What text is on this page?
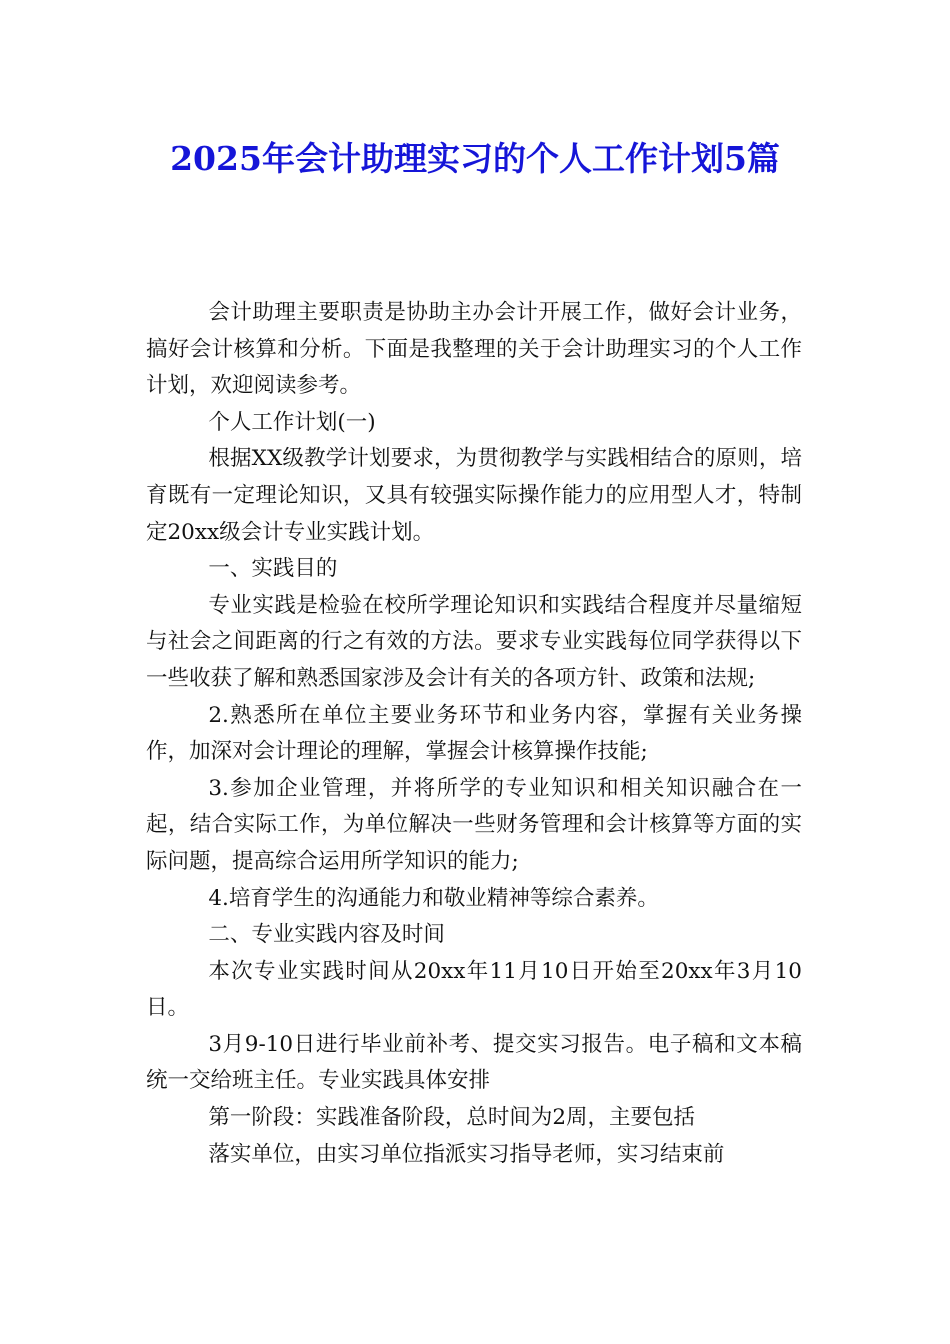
2025年会计助理实习的个人工作计划5篇

会计助理主要职责是协助主办会计开展工作，做好会计业务，搞好会计核算和分析。下面是我整理的关于会计助理实习的个人工作计划，欢迎阅读参考。

个人工作计划(一)

根据XX级教学计划要求，为贯彻教学与实践相结合的原则，培育既有一定理论知识，又具有较强实际操作能力的应用型人才，特制定20xx级会计专业实践计划。

一、实践目的

专业实践是检验在校所学理论知识和实践结合程度并尽量缩短与社会之间距离的行之有效的方法。要求专业实践每位同学获得以下一些收获了解和熟悉国家涉及会计有关的各项方针、政策和法规;

2.熟悉所在单位主要业务环节和业务内容，掌握有关业务操作，加深对会计理论的理解，掌握会计核算操作技能;

3.参加企业管理，并将所学的专业知识和相关知识融合在一起，结合实际工作，为单位解决一些财务管理和会计核算等方面的实际问题，提高综合运用所学知识的能力;

4.培育学生的沟通能力和敬业精神等综合素养。

二、专业实践内容及时间

本次专业实践时间从20xx年11月10日开始至20xx年3月10日。

3月9-10日进行毕业前补考、提交实习报告。电子稿和文本稿统一交给班主任。专业实践具体安排

第一阶段：实践准备阶段，总时间为2周，主要包括

落实单位，由实习单位指派实习指导老师，实习结束前
